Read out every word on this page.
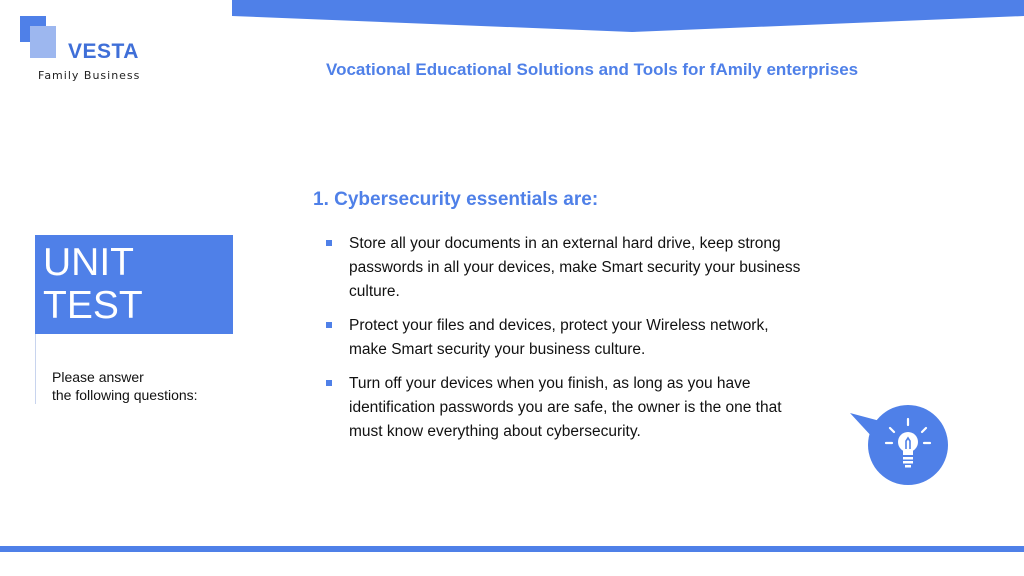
VESTA
Family Business	Vocational Educational Solutions and Tools for fAmily enterprises
UNIT
TEST
Please answer
the following questions:
1. Cybersecurity essentials are:
Store all your documents in an external hard drive, keep strong passwords in all your devices, make Smart security your business culture.
Protect your files and devices, protect your Wireless network, make Smart security your business culture.
Turn off your devices when you finish, as long as you have identification passwords you are safe, the owner is the one that must know everything about cybersecurity.
